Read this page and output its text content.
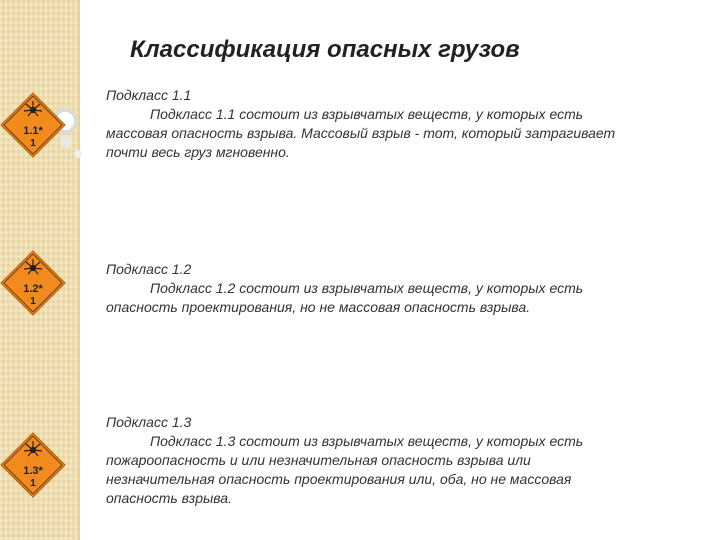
Классификация опасных грузов
1.1*
1
1.2*
1
1.3*
1
Подкласс 1.1
Подкласс 1.1 состоит из взрывчатых веществ, у которых есть массовая опасность взрыва. Массовый взрыв - тот, который затрагивает почти весь груз мгновенно.
Подкласс 1.2
Подкласс 1.2 состоит из взрывчатых веществ, у которых есть опасность проектирования, но не массовая опасность взрыва.
Подкласс 1.3
Подкласс 1.3 состоит из взрывчатых веществ, у которых есть пожароопасность и или незначительная опасность взрыва или незначительная опасность проектирования или, оба, но не массовая опасность взрыва.
